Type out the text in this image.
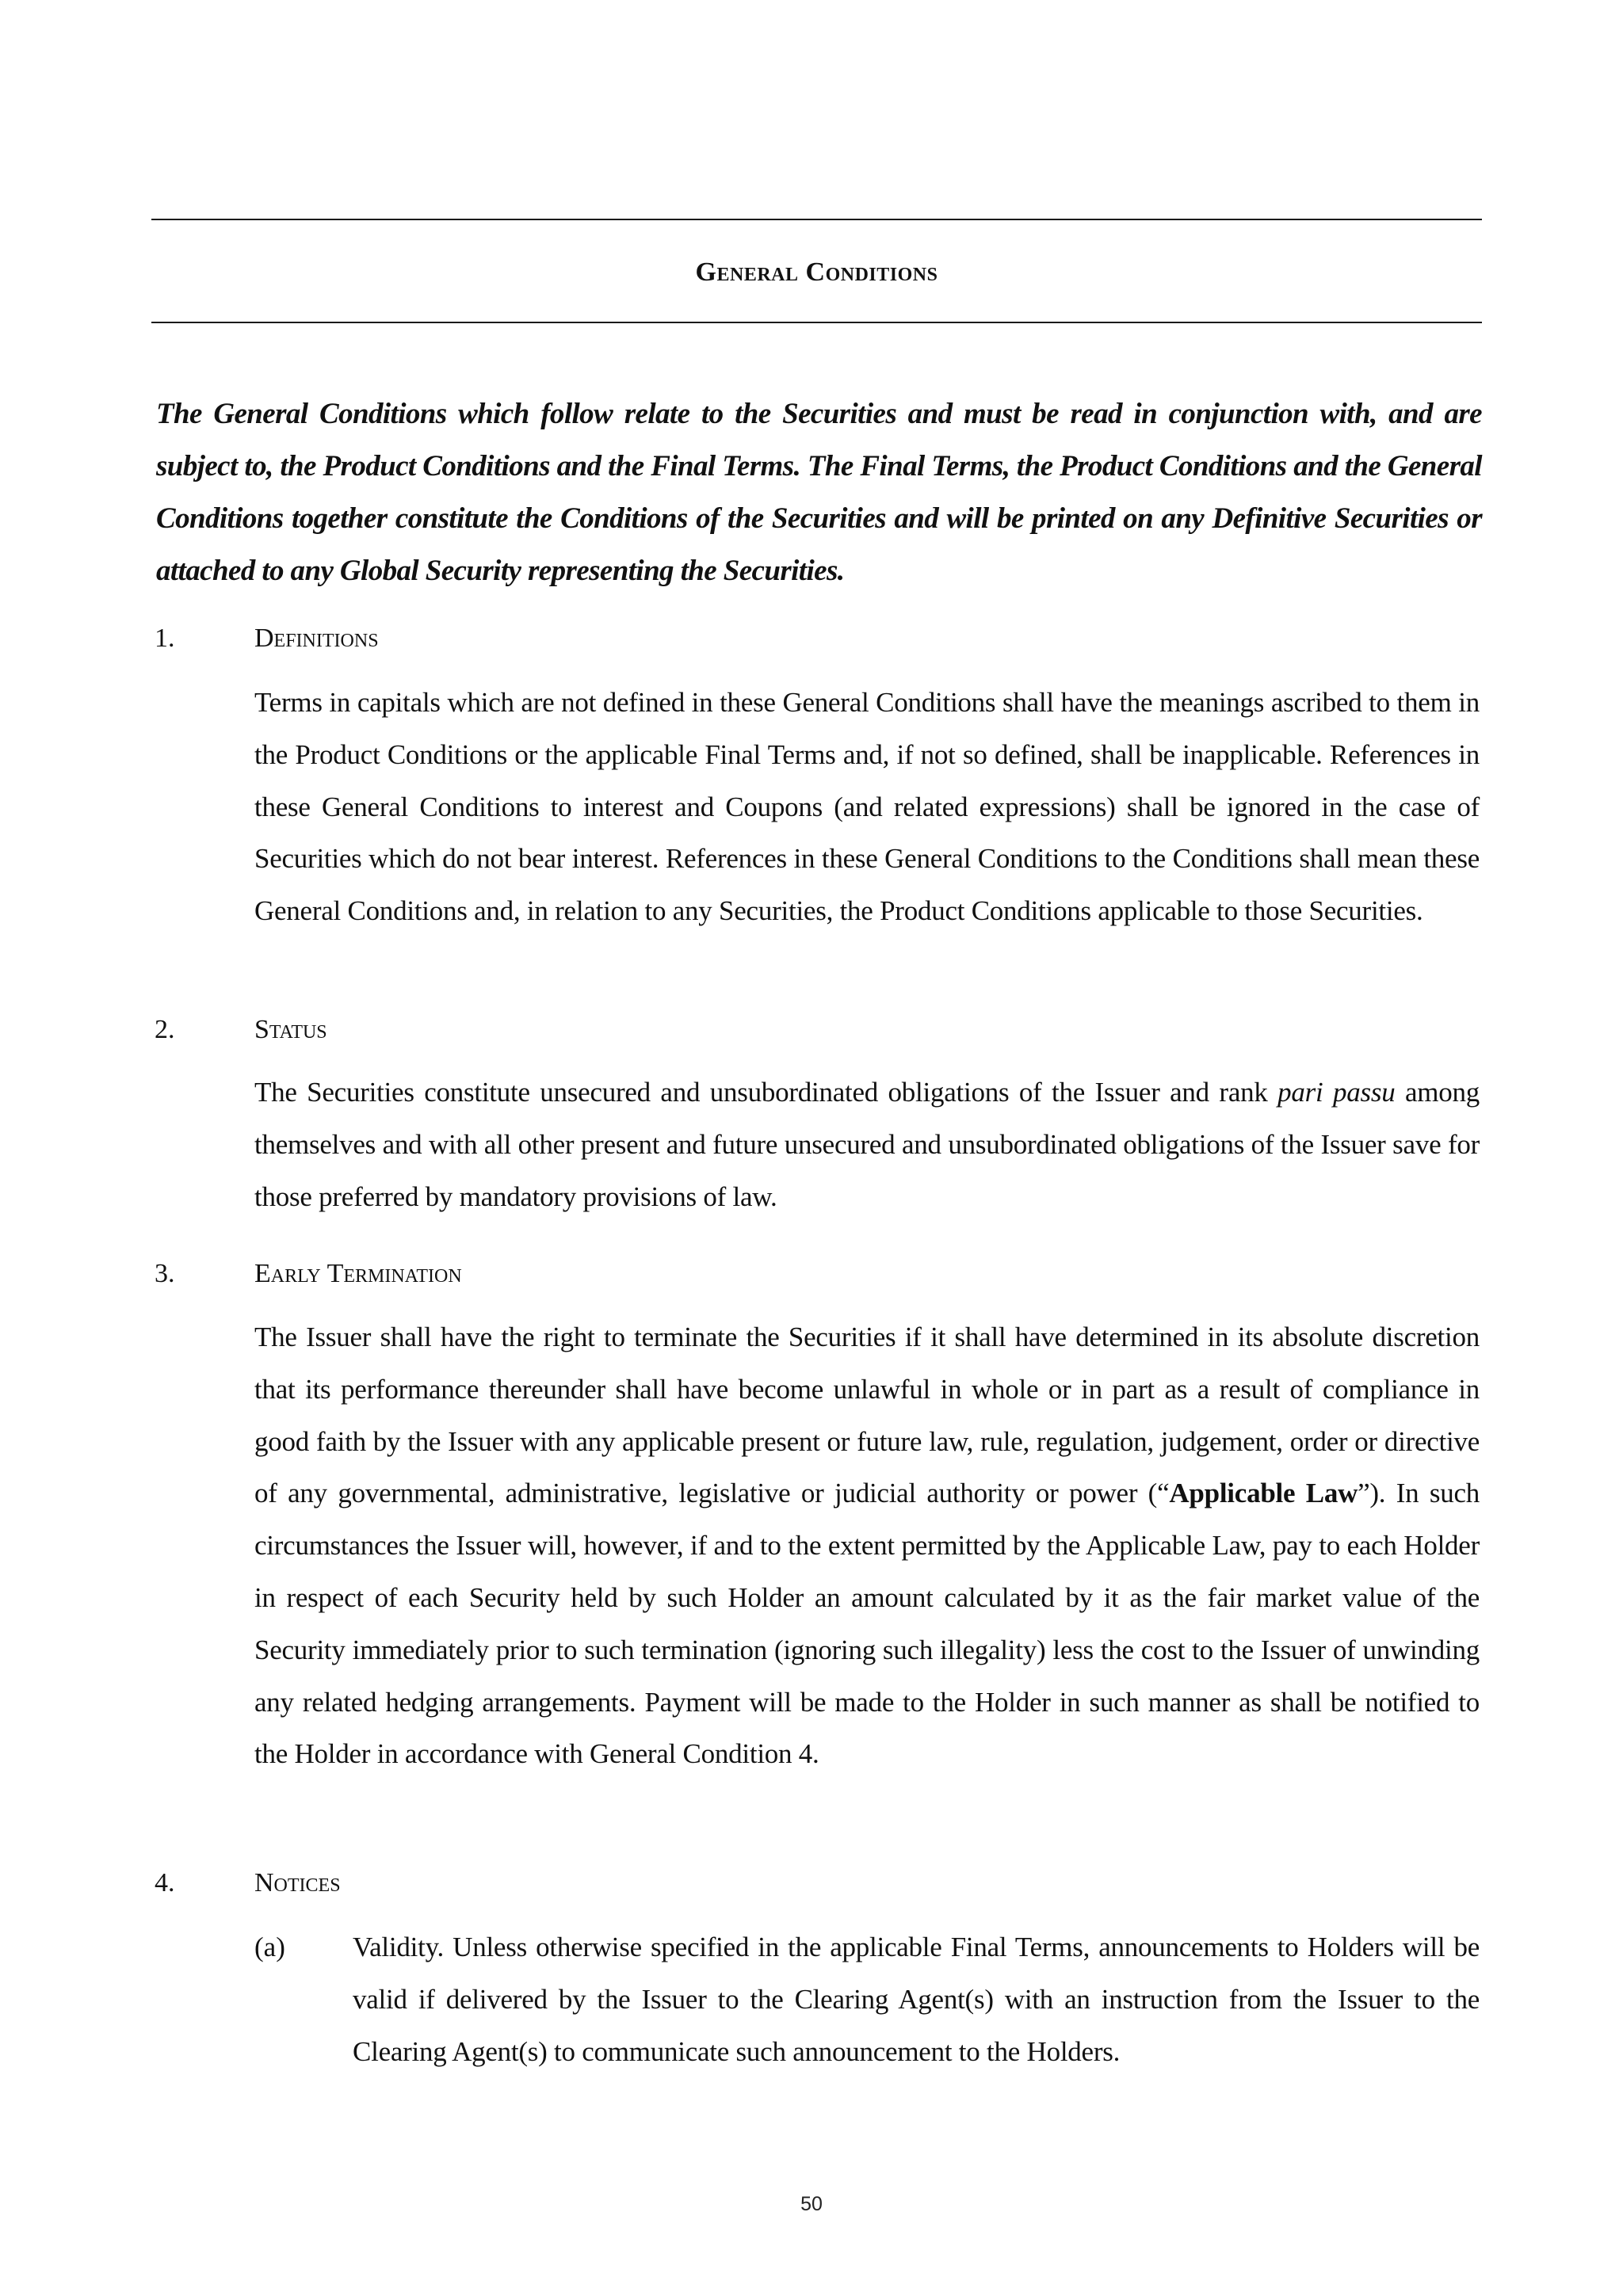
General Conditions
The General Conditions which follow relate to the Securities and must be read in conjunction with, and are subject to, the Product Conditions and the Final Terms. The Final Terms, the Product Conditions and the General Conditions together constitute the Conditions of the Securities and will be printed on any Definitive Securities or attached to any Global Security representing the Securities.
1.	Definitions
Terms in capitals which are not defined in these General Conditions shall have the meanings ascribed to them in the Product Conditions or the applicable Final Terms and, if not so defined, shall be inapplicable. References in these General Conditions to interest and Coupons (and related expressions) shall be ignored in the case of Securities which do not bear interest. References in these General Conditions to the Conditions shall mean these General Conditions and, in relation to any Securities, the Product Conditions applicable to those Securities.
2.	Status
The Securities constitute unsecured and unsubordinated obligations of the Issuer and rank pari passu among themselves and with all other present and future unsecured and unsubordinated obligations of the Issuer save for those preferred by mandatory provisions of law.
3.	Early Termination
The Issuer shall have the right to terminate the Securities if it shall have determined in its absolute discretion that its performance thereunder shall have become unlawful in whole or in part as a result of compliance in good faith by the Issuer with any applicable present or future law, rule, regulation, judgement, order or directive of any governmental, administrative, legislative or judicial authority or power (“Applicable Law”). In such circumstances the Issuer will, however, if and to the extent permitted by the Applicable Law, pay to each Holder in respect of each Security held by such Holder an amount calculated by it as the fair market value of the Security immediately prior to such termination (ignoring such illegality) less the cost to the Issuer of unwinding any related hedging arrangements. Payment will be made to the Holder in such manner as shall be notified to the Holder in accordance with General Condition 4.
4.	Notices
(a) Validity. Unless otherwise specified in the applicable Final Terms, announcements to Holders will be valid if delivered by the Issuer to the Clearing Agent(s) with an instruction from the Issuer to the Clearing Agent(s) to communicate such announcement to the Holders.
50
